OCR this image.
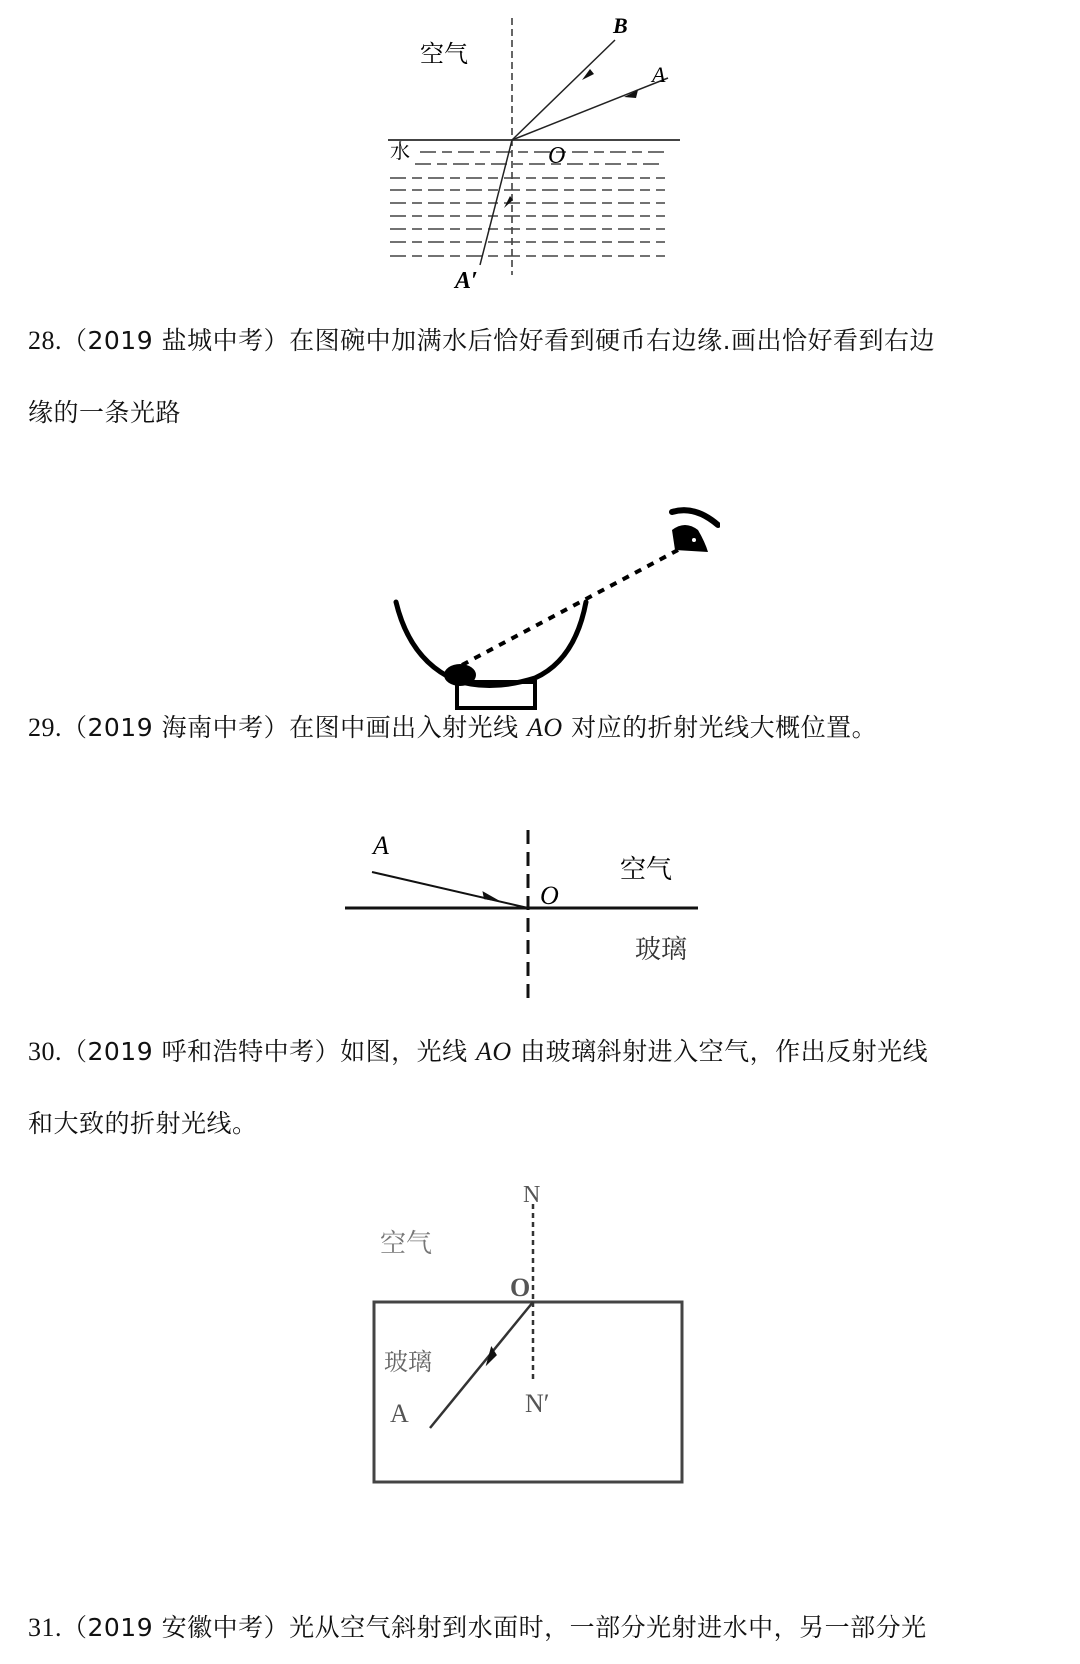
空气
水
B
A
O
A′
28.（2019 盐城中考）在图碗中加满水后恰好看到硬币右边缘.画出恰好看到右边
缘的一条光路
29.（2019 海南中考）在图中画出入射光线 AO 对应的折射光线大概位置。
A
O
空气
玻璃
30.（2019 呼和浩特中考）如图，光线 AO 由玻璃斜射进入空气，作出反射光线
和大致的折射光线。
N
空气
O
玻璃
A	N′
31.（2019 安徽中考）光从空气斜射到水面时，一部分光射进水中，另一部分光
